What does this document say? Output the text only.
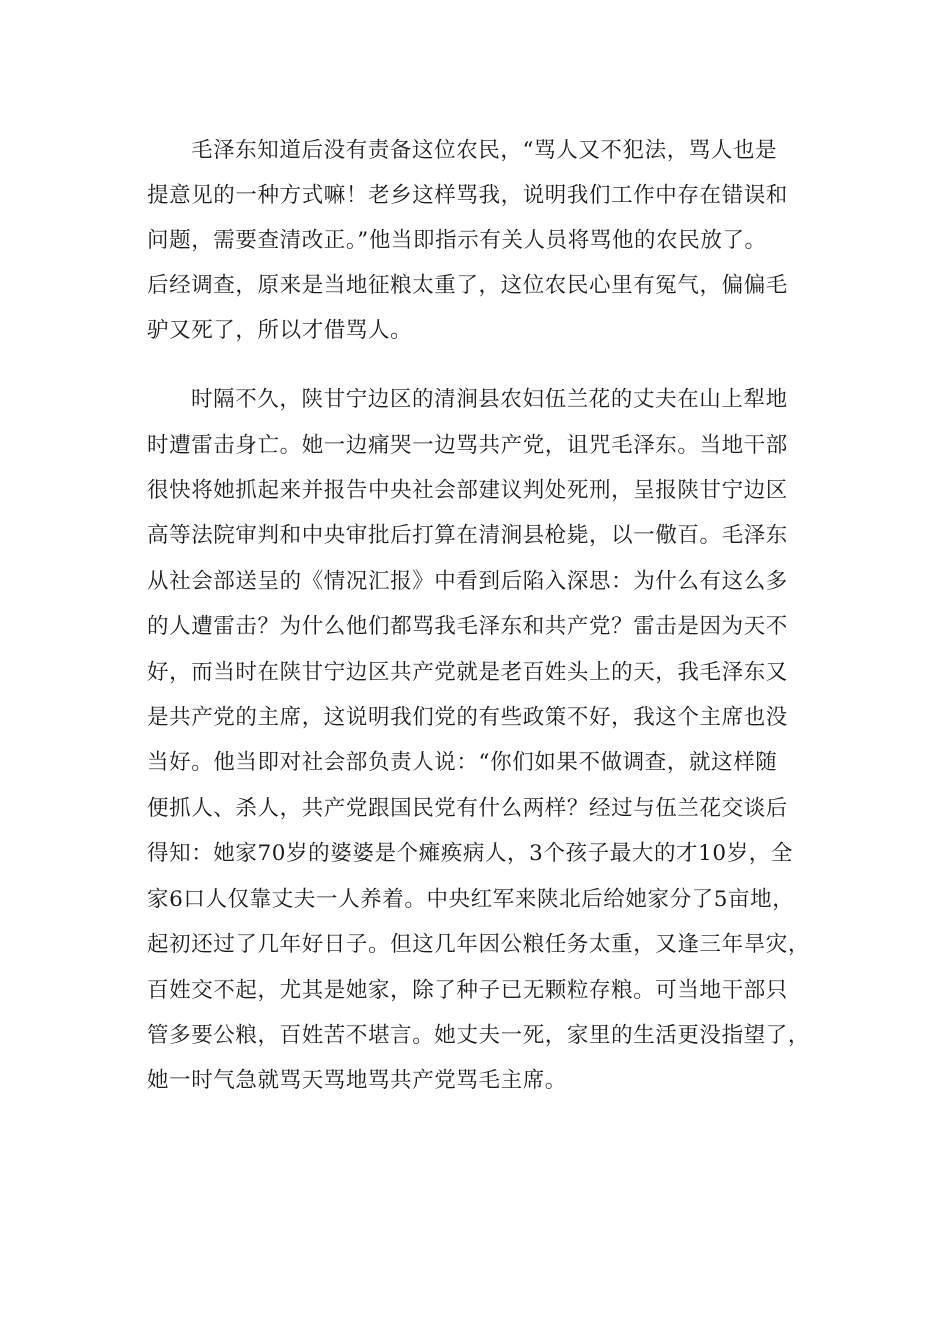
毛泽东知道后没有责备这位农民，“骂人又不犯法，骂人也是
提意见的一种方式嘛！老乡这样骂我，说明我们工作中存在错误和
问题，需要查清改正。”他当即指示有关人员将骂他的农民放了。
后经调查，原来是当地征粮太重了，这位农民心里有冤气，偏偏毛
驴又死了，所以才借骂人。
时隔不久，陕甘宁边区的清涧县农妇伍兰花的丈夫在山上犁地
时遭雷击身亡。她一边痛哭一边骂共产党，诅咒毛泽东。当地干部
很快将她抓起来并报告中央社会部建议判处死刑，呈报陕甘宁边区
高等法院审判和中央审批后打算在清涧县枪毙，以一儆百。毛泽东
从社会部送呈的《情况汇报》中看到后陷入深思：为什么有这么多
的人遭雷击？为什么他们都骂我毛泽东和共产党？雷击是因为天不
好，而当时在陕甘宁边区共产党就是老百姓头上的天，我毛泽东又
是共产党的主席，这说明我们党的有些政策不好，我这个主席也没
当好。他当即对社会部负责人说：“你们如果不做调查，就这样随
便抓人、杀人，共产党跟国民党有什么两样？经过与伍兰花交谈后
得知：她家70岁的婆婆是个瘫痪病人，3个孩子最大的才10岁，全
家6口人仅靠丈夫一人养着。中央红军来陕北后给她家分了5亩地，
起初还过了几年好日子。但这几年因公粮任务太重，又逢三年旱灾，
百姓交不起，尤其是她家，除了种子已无颗粒存粮。可当地干部只
管多要公粮，百姓苦不堪言。她丈夫一死，家里的生活更没指望了，
她一时气急就骂天骂地骂共产党骂毛主席。
